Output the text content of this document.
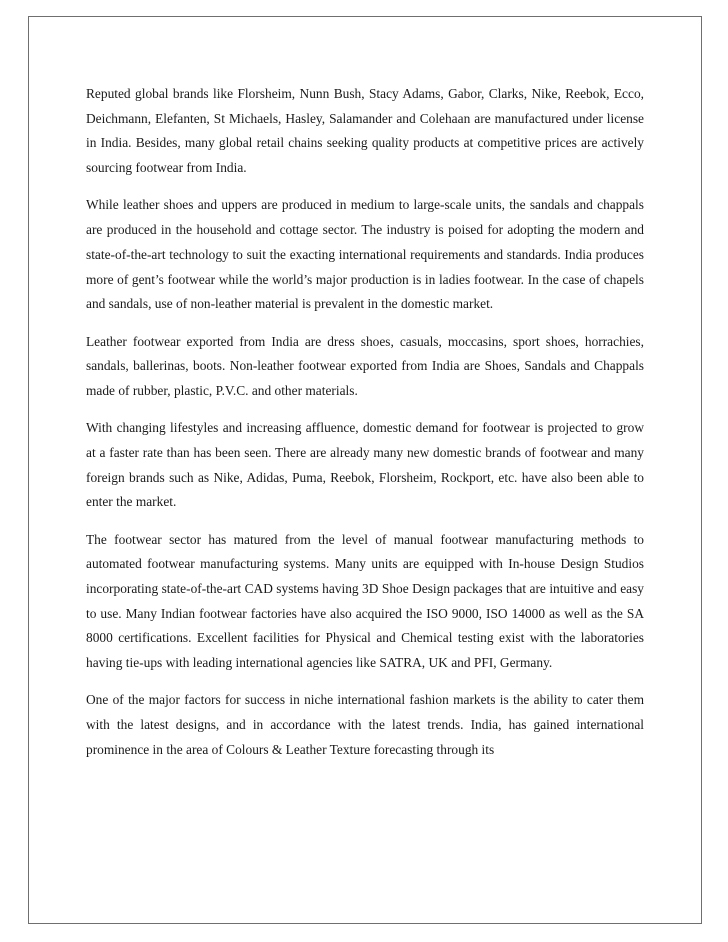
Reputed global brands like Florsheim, Nunn Bush, Stacy Adams, Gabor, Clarks, Nike, Reebok, Ecco, Deichmann, Elefanten, St Michaels, Hasley, Salamander and Colehaan are manufactured under license in India. Besides, many global retail chains seeking quality products at competitive prices are actively sourcing footwear from India.

While leather shoes and uppers are produced in medium to large-scale units, the sandals and chappals are produced in the household and cottage sector. The industry is poised for adopting the modern and state-of-the-art technology to suit the exacting international requirements and standards. India produces more of gent’s footwear while the world’s major production is in ladies footwear. In the case of chapels and sandals, use of non-leather material is prevalent in the domestic market.

Leather footwear exported from India are dress shoes, casuals, moccasins, sport shoes, horrachies, sandals, ballerinas, boots. Non-leather footwear exported from India are Shoes, Sandals and Chappals made of rubber, plastic, P.V.C. and other materials.

With changing lifestyles and increasing affluence, domestic demand for footwear is projected to grow at a faster rate than has been seen. There are already many new domestic brands of footwear and many foreign brands such as Nike, Adidas, Puma, Reebok, Florsheim, Rockport, etc. have also been able to enter the market.

The footwear sector has matured from the level of manual footwear manufacturing methods to automated footwear manufacturing systems. Many units are equipped with In-house Design Studios incorporating state-of-the-art CAD systems having 3D Shoe Design packages that are intuitive and easy to use. Many Indian footwear factories have also acquired the ISO 9000, ISO 14000 as well as the SA 8000 certifications. Excellent facilities for Physical and Chemical testing exist with the laboratories having tie-ups with leading international agencies like SATRA, UK and PFI, Germany.

One of the major factors for success in niche international fashion markets is the ability to cater them with the latest designs, and in accordance with the latest trends. India, has gained international prominence in the area of Colours & Leather Texture forecasting through its
